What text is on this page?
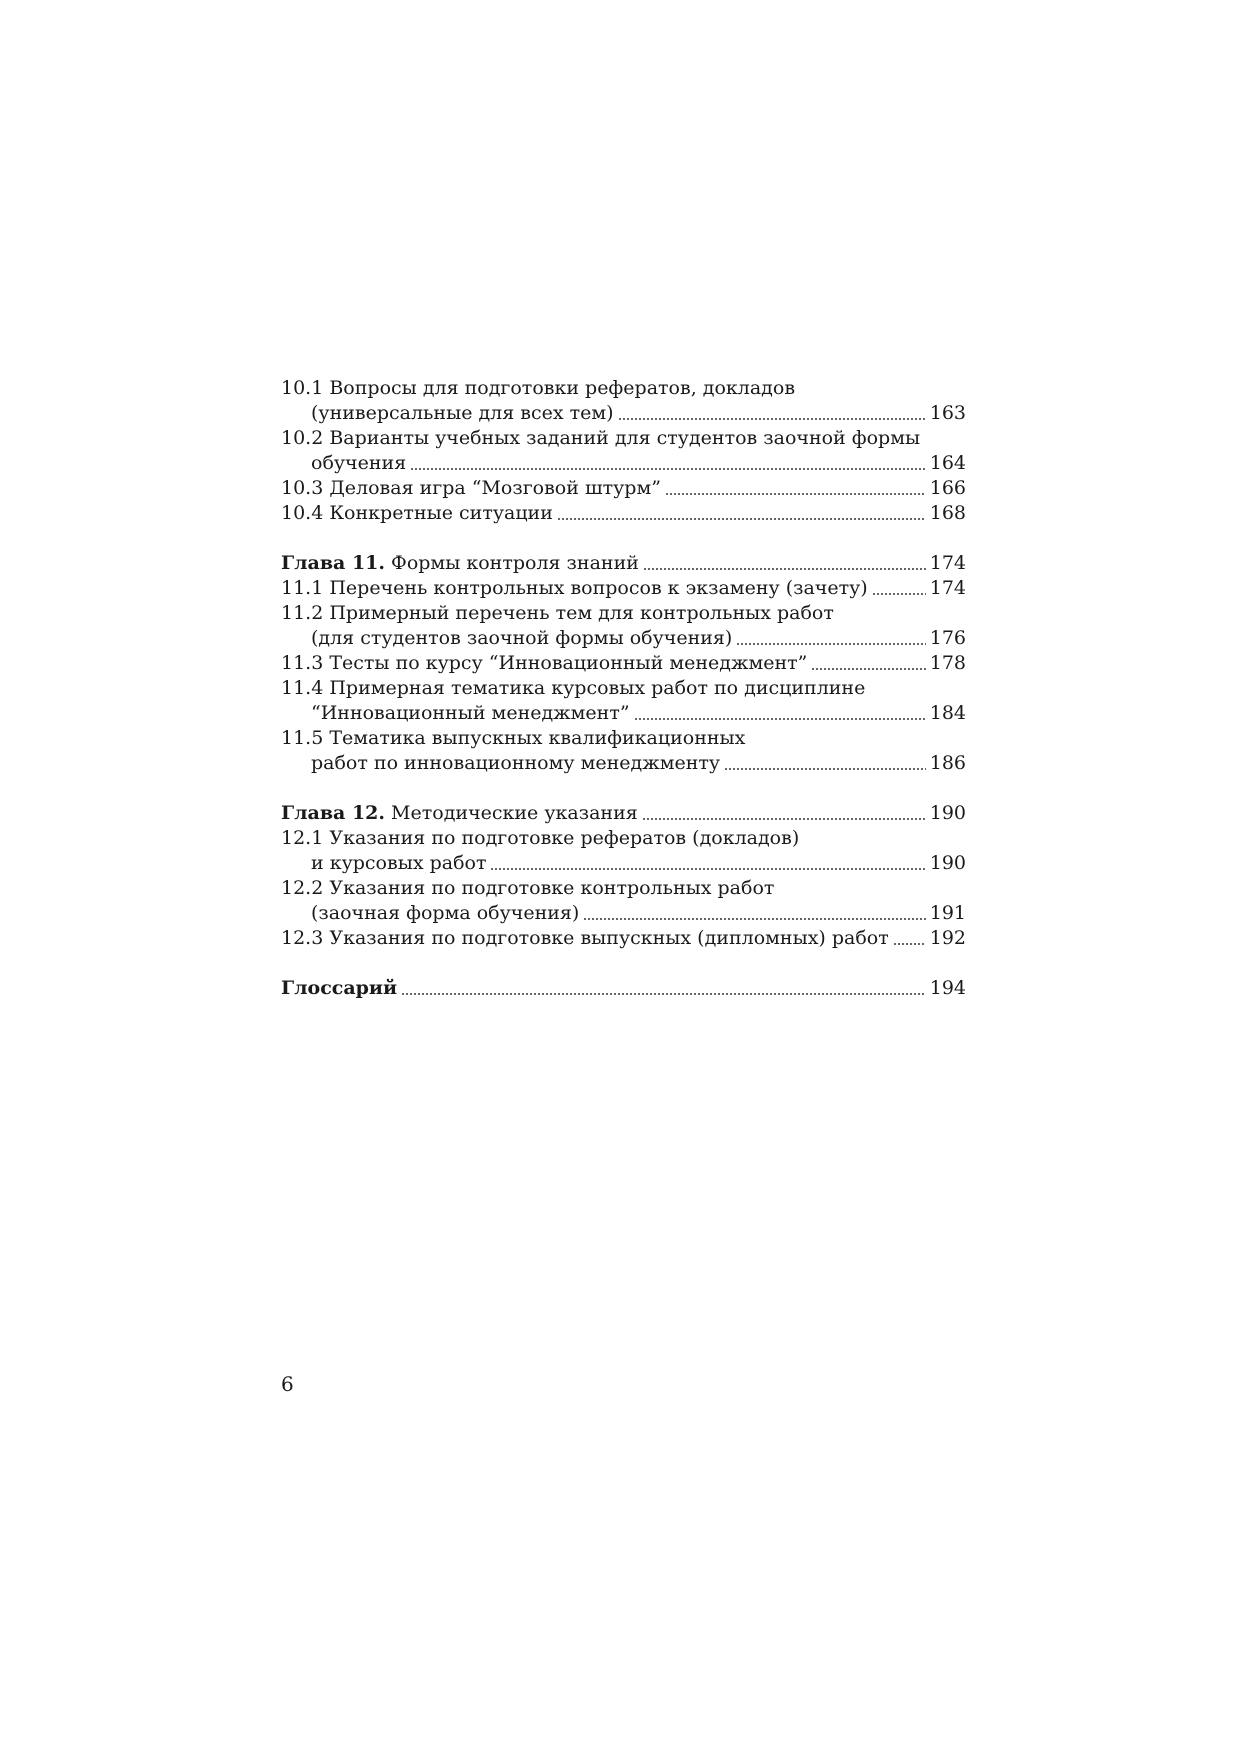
10.1 Вопросы для подготовки рефератов, докладов
(универсальные для всех тем)	163
10.2 Варианты учебных заданий для студентов заочной формы
обучения	164
10.3 Деловая игра “Мозговой штурм”	166
10.4 Конкретные ситуации	168
Глава 11. Формы контроля знаний	174
11.1 Перечень контрольных вопросов к экзамену (зачету)	174
11.2 Примерный перечень тем для контрольных работ
(для студентов заочной формы обучения)	176
11.3 Тесты по курсу “Инновационный менеджмент”	178
11.4 Примерная тематика курсовых работ по дисциплине
“Инновационный менеджмент”	184
11.5 Тематика выпускных квалификационных
работ по инновационному менеджменту	186
Глава 12. Методические указания	190
12.1 Указания по подготовке рефератов (докладов)
и курсовых работ	190
12.2 Указания по подготовке контрольных работ
(заочная форма обучения)	191
12.3 Указания по подготовке выпускных (дипломных) работ 192
Глоссарий	194
6
